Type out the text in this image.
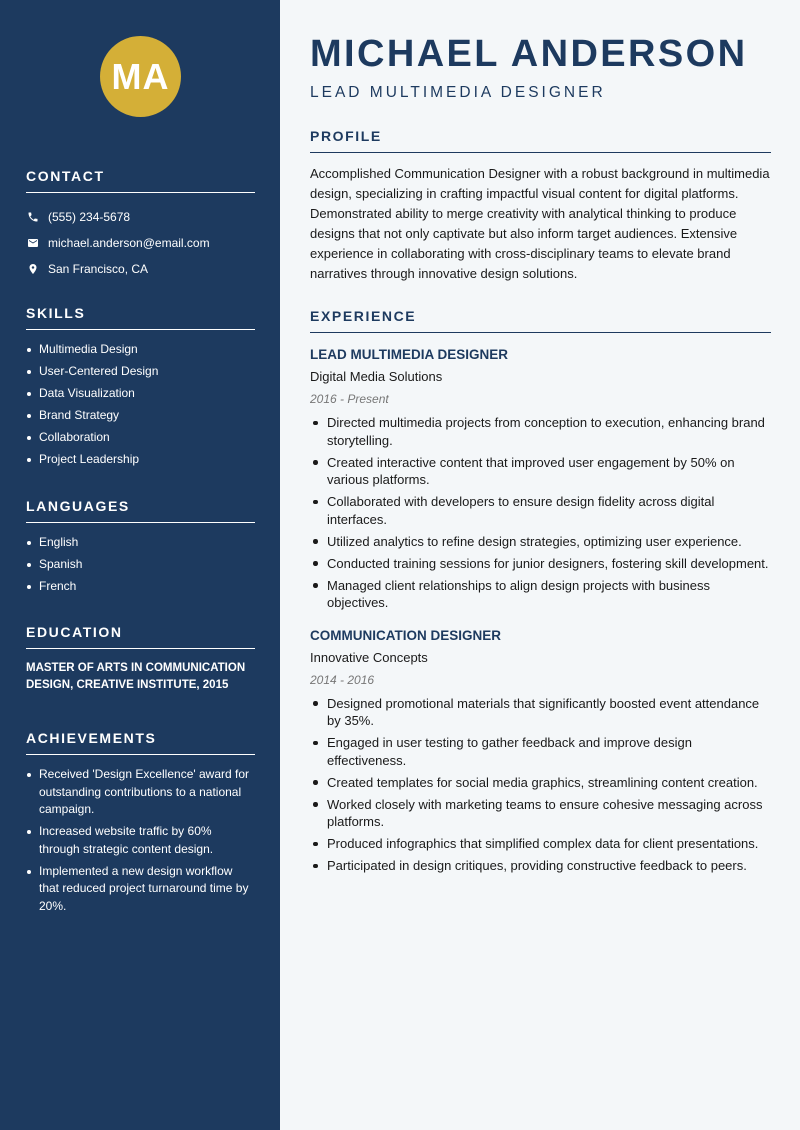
MA
CONTACT
(555) 234-5678
michael.anderson@email.com
San Francisco, CA
SKILLS
Multimedia Design
User-Centered Design
Data Visualization
Brand Strategy
Collaboration
Project Leadership
LANGUAGES
English
Spanish
French
EDUCATION
MASTER OF ARTS IN COMMUNICATION DESIGN, CREATIVE INSTITUTE, 2015
ACHIEVEMENTS
Received 'Design Excellence' award for outstanding contributions to a national campaign.
Increased website traffic by 60% through strategic content design.
Implemented a new design workflow that reduced project turnaround time by 20%.
MICHAEL ANDERSON
LEAD MULTIMEDIA DESIGNER
PROFILE

Accomplished Communication Designer with a robust background in multimedia design, specializing in crafting impactful visual content for digital platforms. Demonstrated ability to merge creativity with analytical thinking to produce designs that not only captivate but also inform target audiences. Extensive experience in collaborating with cross-disciplinary teams to elevate brand narratives through innovative design solutions.

EXPERIENCE
LEAD MULTIMEDIA DESIGNER
Digital Media Solutions
2016 - Present
Directed multimedia projects from conception to execution, enhancing brand storytelling.
Created interactive content that improved user engagement by 50% on various platforms.
Collaborated with developers to ensure design fidelity across digital interfaces.
Utilized analytics to refine design strategies, optimizing user experience.
Conducted training sessions for junior designers, fostering skill development.
Managed client relationships to align design projects with business objectives.
COMMUNICATION DESIGNER
Innovative Concepts
2014 - 2016
Designed promotional materials that significantly boosted event attendance by 35%.
Engaged in user testing to gather feedback and improve design effectiveness.
Created templates for social media graphics, streamlining content creation.
Worked closely with marketing teams to ensure cohesive messaging across platforms.
Produced infographics that simplified complex data for client presentations.
Participated in design critiques, providing constructive feedback to peers.
